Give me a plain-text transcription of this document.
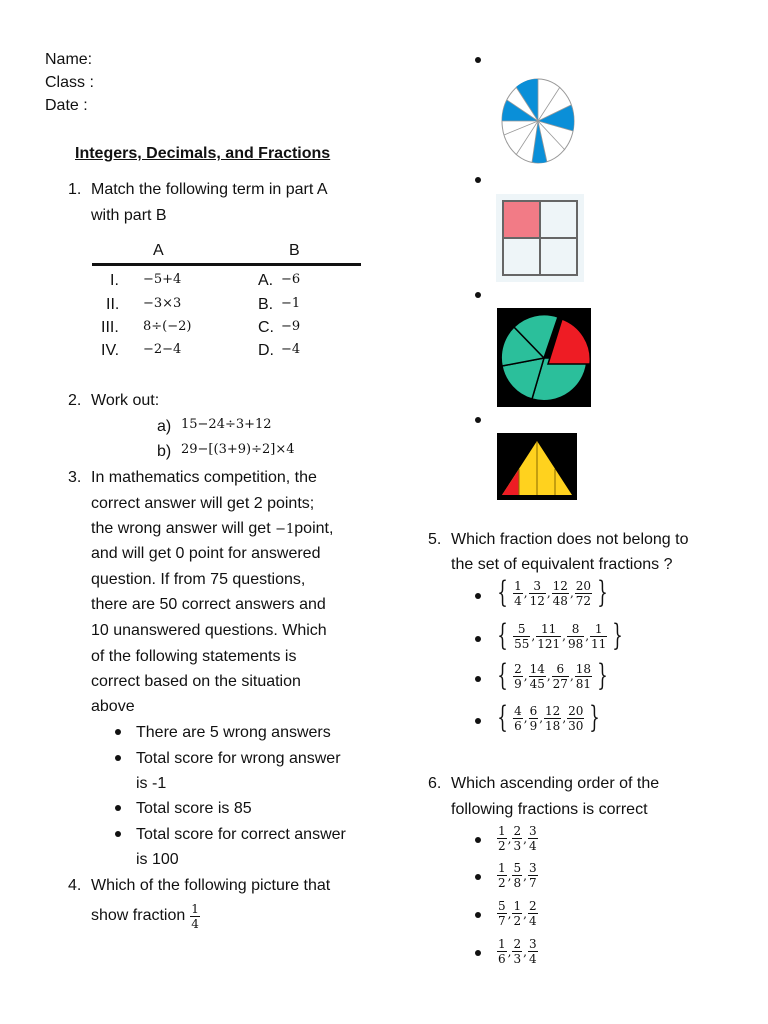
Name:
Class :
Date :
Integers, Decimals, and Fractions
1. Match the following term in part A
with part B
A	B
I. −5+4	A. −6
II. −3×3	B. −1
III. 8÷(−2)	C. −9
IV. −2−4	D. −4
2. Work out:
a) 15−24÷3+12
b) 29−[(3+9)÷2]×4
3. In mathematics competition, the
correct answer will get 2 points;
the wrong answer will get −1point,
and will get 0 point for answered
question. If from 75 questions,
there are 50 correct answers and
10 unanswered questions. Which
of the following statements is
correct based on the situation
above
There are 5 wrong answers
Total score for wrong answer
is -1
Total score is 85
Total score for correct answer
is 100
4. Which of the following picture that
show fraction $\frac{1}{4}$
5. Which fraction does not belong to
the set of equivalent fractions ?
{ $\frac{1}{4}$ , $\frac{3}{12}$ , $\frac{12}{48}$ , $\frac{20}{72}$ }
{ $\frac{5}{55}$ , $\frac{11}{121}$ , $\frac{8}{98}$ , $\frac{1}{11}$ }
{ $\frac{2}{9}$ , $\frac{14}{45}$ , $\frac{6}{27}$ , $\frac{18}{81}$ }
{ $\frac{4}{6}$ , $\frac{6}{9}$ , $\frac{12}{18}$ , $\frac{20}{30}$ }
6. Which ascending order of the
following fractions is correct
$\frac{1}{2}$ , $\frac{2}{3}$ , $\frac{3}{4}$
$\frac{1}{2}$ , $\frac{5}{8}$ , $\frac{3}{7}$
$\frac{5}{7}$ , $\frac{1}{2}$ , $\frac{2}{4}$
$\frac{1}{6}$ , $\frac{2}{3}$ , $\frac{3}{4}$
